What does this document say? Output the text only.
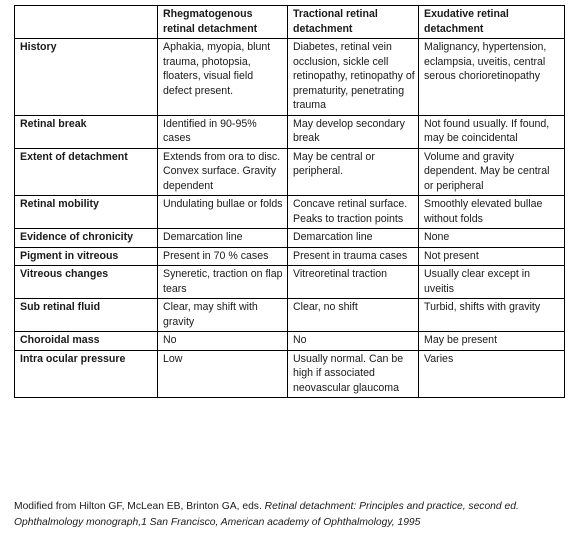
	Rhegmatogenous retinal detachment	Tractional retinal detachment	Exudative retinal detachment
History	Aphakia, myopia, blunt trauma, photopsia, floaters, visual field defect present.	Diabetes, retinal vein occlusion, sickle cell retinopathy, retinopathy of prematurity, penetrating trauma	Malignancy, hypertension, eclampsia, uveitis, central serous chorioretinopathy
Retinal break	Identified in 90-95% cases	May develop secondary break	Not found usually. If found, may be coincidental
Extent of detachment	Extends from ora to disc. Convex surface. Gravity dependent	May be central or peripheral.	Volume and gravity dependent. May be central or peripheral
Retinal mobility	Undulating bullae or folds	Concave retinal surface. Peaks to traction points	Smoothly elevated bullae without folds
Evidence of chronicity	Demarcation line	Demarcation line	None
Pigment in vitreous	Present in 70 % cases	Present in trauma cases	Not present
Vitreous changes	Syneretic, traction on flap tears	Vitreoretinal traction	Usually clear except in uveitis
Sub retinal fluid	Clear, may shift with gravity	Clear, no shift	Turbid, shifts with gravity
Choroidal mass	No	No	May be present
Intra ocular pressure	Low	Usually normal. Can be high if associated neovascular glaucoma	Varies
Modified from Hilton GF, McLean EB, Brinton GA, eds. Retinal detachment: Principles and practice, second ed. Ophthalmology monograph,1 San Francisco, American academy of Ophthalmology, 1995
